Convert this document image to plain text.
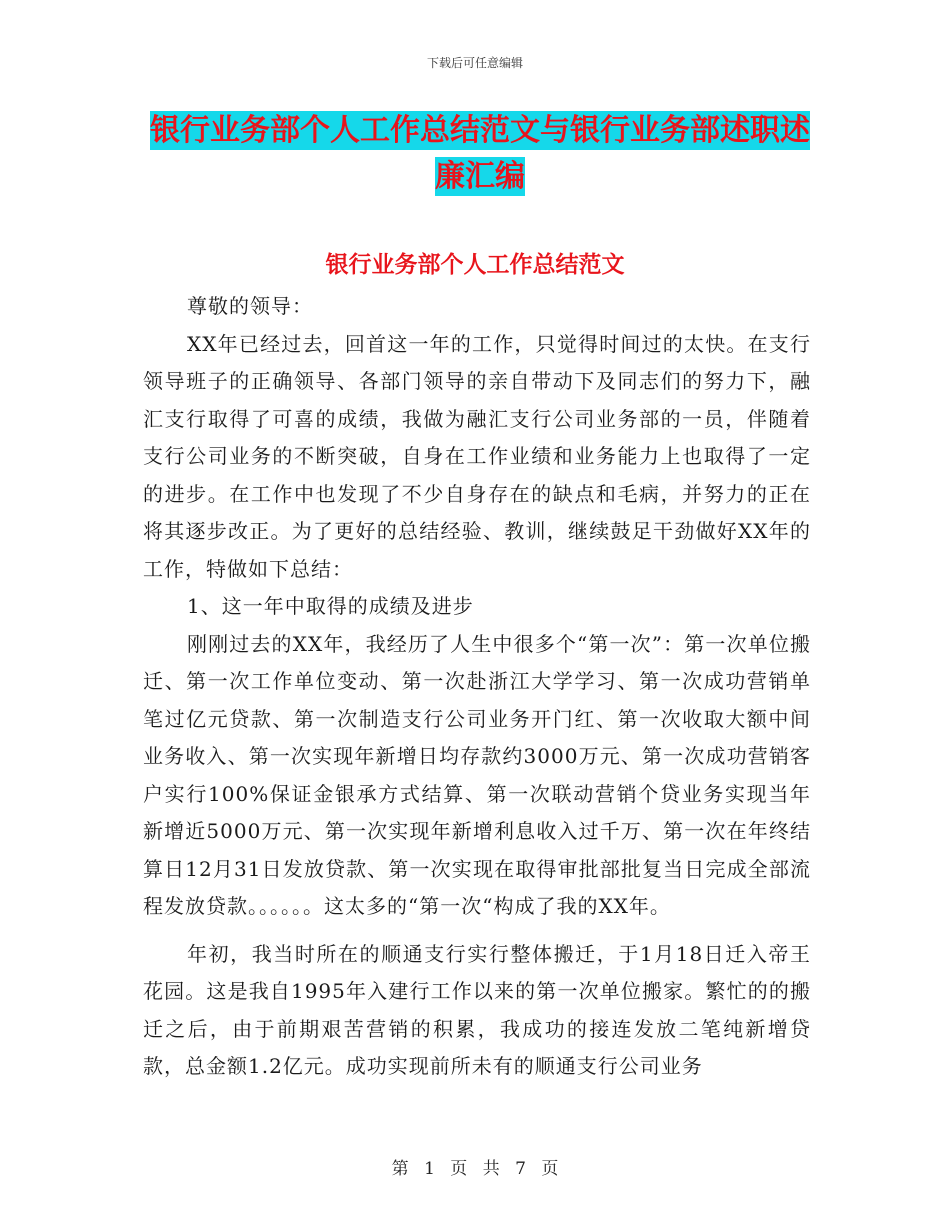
下载后可任意编辑
银行业务部个人工作总结范文与银行业务部述职述廉汇编
银行业务部个人工作总结范文

尊敬的领导：

XX年已经过去，回首这一年的工作，只觉得时间过的太快。在支行领导班子的正确领导、各部门领导的亲自带动下及同志们的努力下，融汇支行取得了可喜的成绩，我做为融汇支行公司业务部的一员，伴随着支行公司业务的不断突破，自身在工作业绩和业务能力上也取得了一定的进步。在工作中也发现了不少自身存在的缺点和毛病，并努力的正在将其逐步改正。为了更好的总结经验、教训，继续鼓足干劲做好XX年的工作，特做如下总结：

1、这一年中取得的成绩及进步

刚刚过去的XX年，我经历了人生中很多个“第一次”：第一次单位搬迁、第一次工作单位变动、第一次赴浙江大学学习、第一次成功营销单笔过亿元贷款、第一次制造支行公司业务开门红、第一次收取大额中间业务收入、第一次实现年新增日均存款约3000万元、第一次成功营销客户实行100%保证金银承方式结算、第一次联动营销个贷业务实现当年新增近5000万元、第一次实现年新增利息收入过千万、第一次在年终结算日12月31日发放贷款、第一次实现在取得审批部批复当日完成全部流程发放贷款。。。。。。这太多的“第一次“构成了我的XX年。

年初，我当时所在的顺通支行实行整体搬迁，于1月18日迁入帝王花园。这是我自1995年入建行工作以来的第一次单位搬家。繁忙的的搬迁之后，由于前期艰苦营销的积累，我成功的接连发放二笔纯新增贷款，总金额1.2亿元。成功实现前所未有的顺通支行公司业务

第 1 页 共 7 页
